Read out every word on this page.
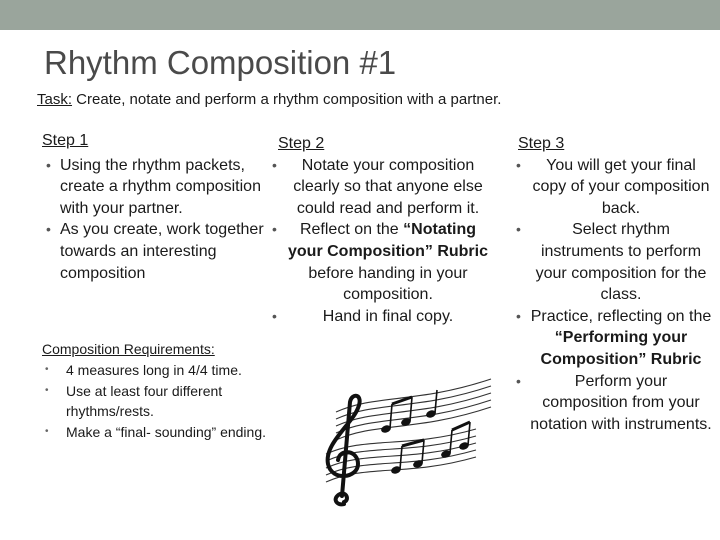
Rhythm Composition #1
Task: Create, notate and perform a rhythm composition with a partner.
Step 1
• Using the rhythm packets, create a rhythm composition with your partner.
• As you create, work together towards an interesting composition
Composition Requirements:
• 4 measures long in 4/4 time.
• Use at least four different rhythms/rests.
• Make a “final- sounding” ending.
Step 2
• Notate your composition clearly so that anyone else could read and perform it.
• Reflect on the “Notating your Composition” Rubric before handing in your composition.
• Hand in final copy.
Step 3
• You will get your final copy of your composition back.
• Select rhythm instruments to perform your composition for the class.
• Practice, reflecting on the “Performing your Composition” Rubric
• Perform your composition from your notation with instruments.
